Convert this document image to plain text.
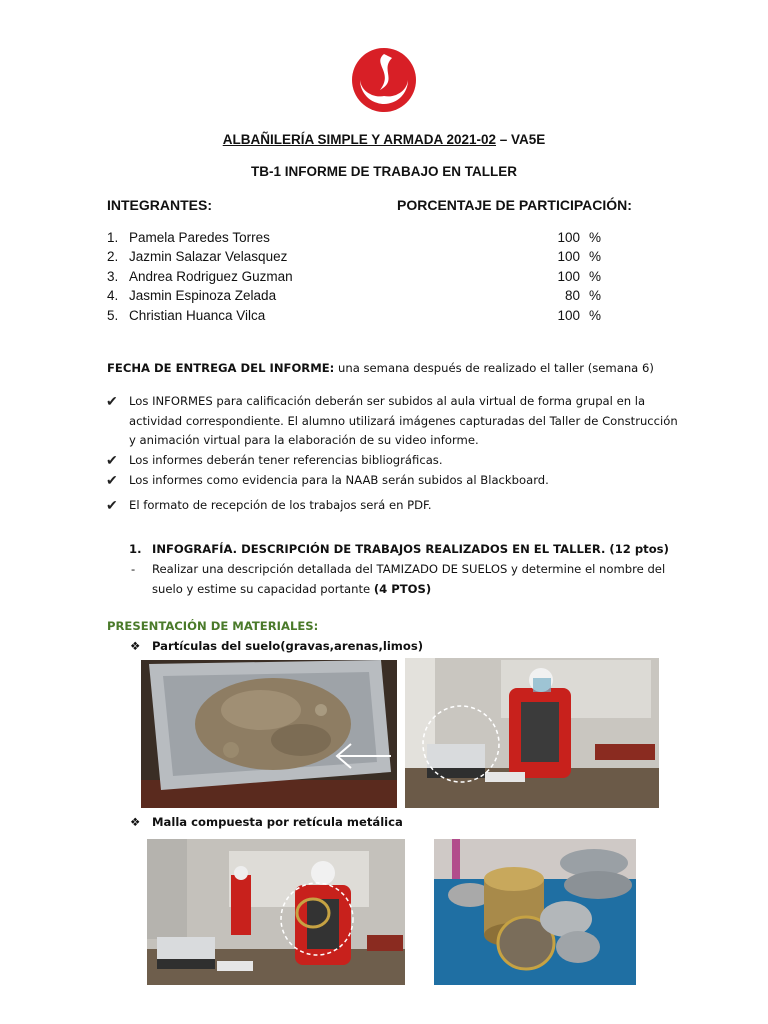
ALBAÑILERÍA SIMPLE Y ARMADA 2021-02 – VA5E
TB-1 INFORME DE TRABAJO EN TALLER
INTEGRANTES:	PORCENTAJE DE PARTICIPACIÓN:
1. Pamela Paredes Torres
2. Jazmin Salazar Velasquez
3. Andrea Rodriguez Guzman
4. Jasmin Espinoza Zelada
5. Christian Huanca Vilca
100
100
100
80
100
%
%
%
%
%
FECHA DE ENTREGA DEL INFORME: una semana después de realizado el taller (semana 6)
✔ Los INFORMES para calificación deberán ser subidos al aula virtual de forma grupal en la
actividad correspondiente. El alumno utilizará imágenes capturadas del Taller de Construcción
y animación virtual para la elaboración de su video informe.
✔ Los informes deberán tener referencias bibliográficas.
✔ Los informes como evidencia para la NAAB serán subidos al Blackboard.
✔ El formato de recepción de los trabajos será en PDF.
1. INFOGRAFÍA. DESCRIPCIÓN DE TRABAJOS REALIZADOS EN EL TALLER. (12 ptos)
- Realizar una descripción detallada del TAMIZADO DE SUELOS y determine el nombre del
suelo y estime su capacidad portante (4 PTOS)
PRESENTACIÓN DE MATERIALES:
❖ Partículas del suelo(gravas,arenas,limos)
❖ Malla compuesta por retícula metálica
